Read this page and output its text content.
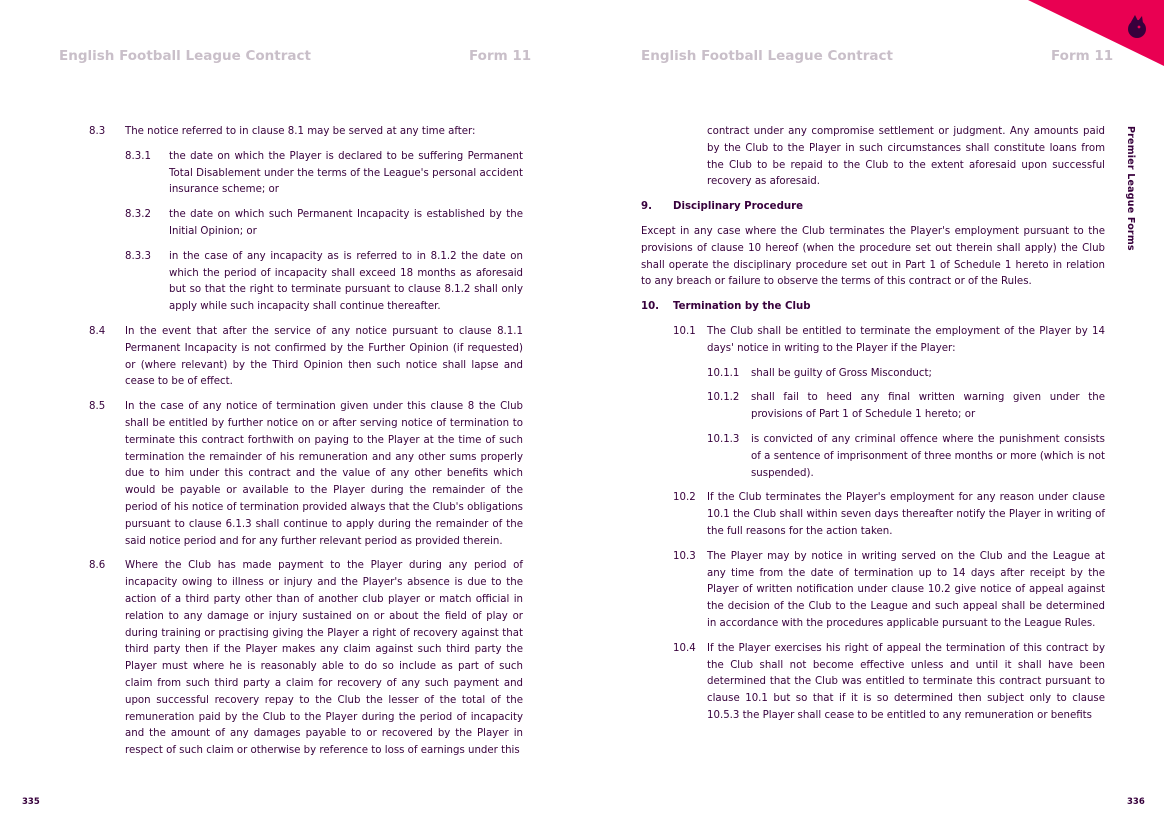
English Football League Contract	Form 11	English Football League Contract	Form 11
Premier League Forms
8.3 The notice referred to in clause 8.1 may be served at any time after:
8.3.1 the date on which the Player is declared to be suffering Permanent Total Disablement under the terms of the League's personal accident insurance scheme; or
8.3.2 the date on which such Permanent Incapacity is established by the Initial Opinion; or
8.3.3 in the case of any incapacity as is referred to in 8.1.2 the date on which the period of incapacity shall exceed 18 months as aforesaid but so that the right to terminate pursuant to clause 8.1.2 shall only apply while such incapacity shall continue thereafter.
8.4 In the event that after the service of any notice pursuant to clause 8.1.1 Permanent Incapacity is not confirmed by the Further Opinion (if requested) or (where relevant) by the Third Opinion then such notice shall lapse and cease to be of effect.
8.5 In the case of any notice of termination given under this clause 8 the Club shall be entitled by further notice on or after serving notice of termination to terminate this contract forthwith on paying to the Player at the time of such termination the remainder of his remuneration and any other sums properly due to him under this contract and the value of any other benefits which would be payable or available to the Player during the remainder of the period of his notice of termination provided always that the Club's obligations pursuant to clause 6.1.3 shall continue to apply during the remainder of the said notice period and for any further relevant period as provided therein.
8.6 Where the Club has made payment to the Player during any period of incapacity owing to illness or injury and the Player's absence is due to the action of a third party other than of another club player or match official in relation to any damage or injury sustained on or about the field of play or during training or practising giving the Player a right of recovery against that third party then if the Player makes any claim against such third party the Player must where he is reasonably able to do so include as part of such claim from such third party a claim for recovery of any such payment and upon successful recovery repay to the Club the lesser of the total of the remuneration paid by the Club to the Player during the period of incapacity and the amount of any damages payable to or recovered by the Player in respect of such claim or otherwise by reference to loss of earnings under this
contract under any compromise settlement or judgment. Any amounts paid by the Club to the Player in such circumstances shall constitute loans from the Club to be repaid to the Club to the extent aforesaid upon successful recovery as aforesaid.
9. Disciplinary Procedure
Except in any case where the Club terminates the Player's employment pursuant to the provisions of clause 10 hereof (when the procedure set out therein shall apply) the Club shall operate the disciplinary procedure set out in Part 1 of Schedule 1 hereto in relation to any breach or failure to observe the terms of this contract or of the Rules.
10. Termination by the Club
10.1 The Club shall be entitled to terminate the employment of the Player by 14 days' notice in writing to the Player if the Player:
10.1.1 shall be guilty of Gross Misconduct;
10.1.2 shall fail to heed any final written warning given under the provisions of Part 1 of Schedule 1 hereto; or
10.1.3 is convicted of any criminal offence where the punishment consists of a sentence of imprisonment of three months or more (which is not suspended).
10.2 If the Club terminates the Player's employment for any reason under clause 10.1 the Club shall within seven days thereafter notify the Player in writing of the full reasons for the action taken.
10.3 The Player may by notice in writing served on the Club and the League at any time from the date of termination up to 14 days after receipt by the Player of written notification under clause 10.2 give notice of appeal against the decision of the Club to the League and such appeal shall be determined in accordance with the procedures applicable pursuant to the League Rules.
10.4 If the Player exercises his right of appeal the termination of this contract by the Club shall not become effective unless and until it shall have been determined that the Club was entitled to terminate this contract pursuant to clause 10.1 but so that if it is so determined then subject only to clause 10.5.3 the Player shall cease to be entitled to any remuneration or benefits
335	336
